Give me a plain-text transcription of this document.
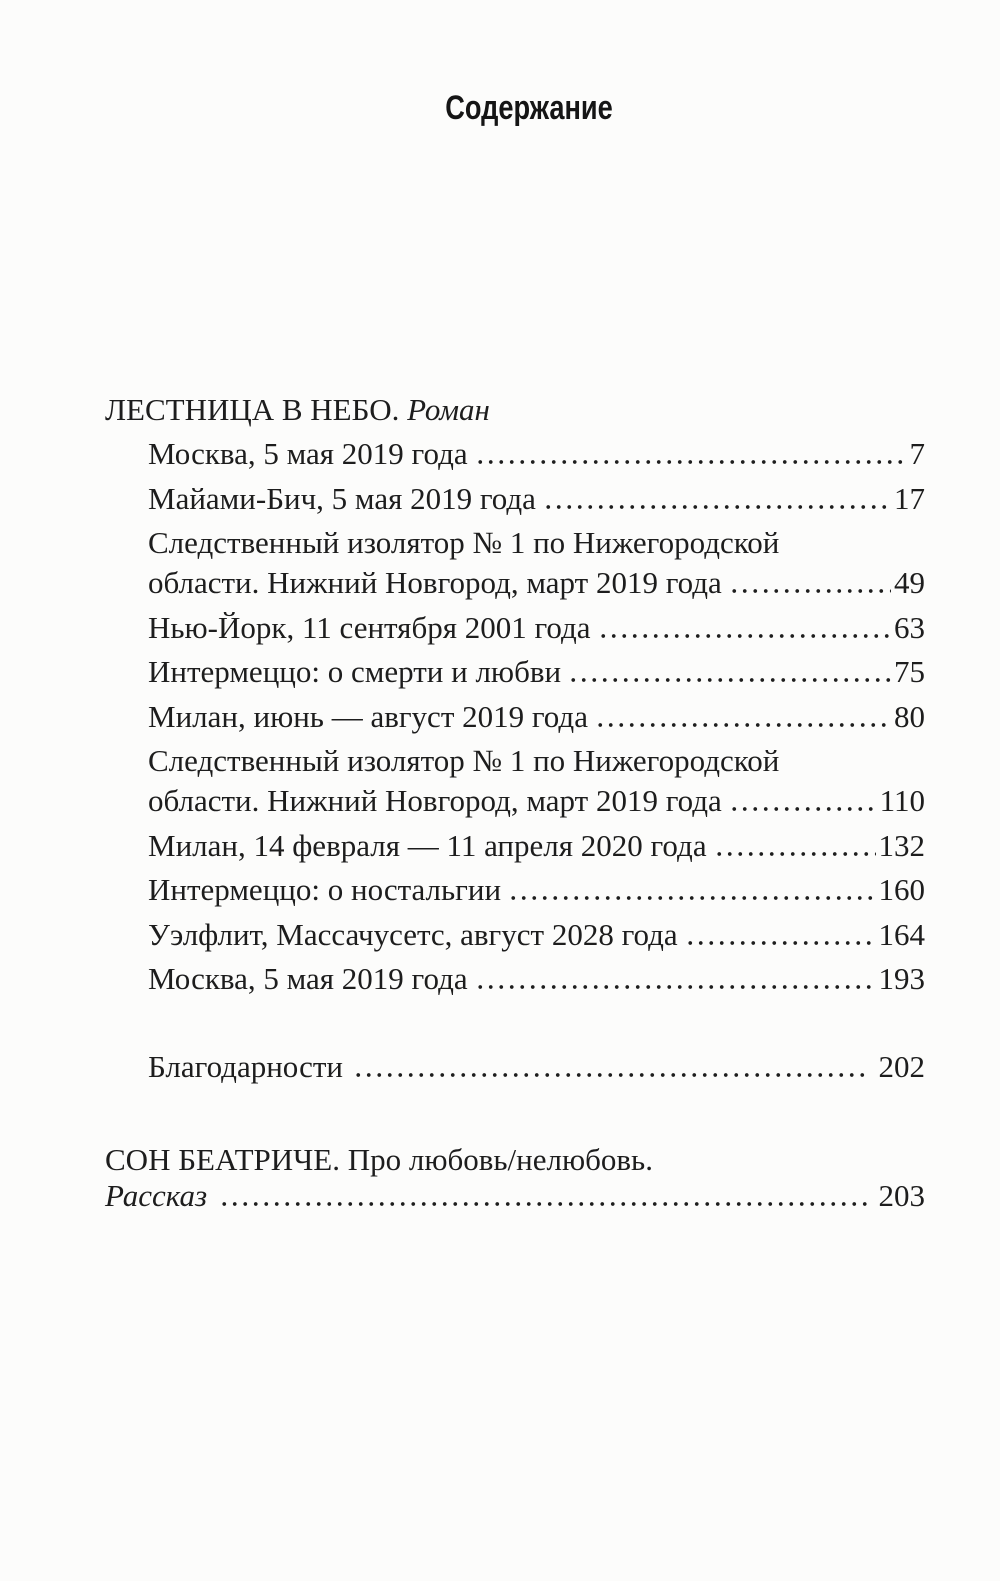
Содержание
ЛЕСТНИЦА В НЕБО. Роман
Москва, 5 мая 2019 года	7
Майами-Бич, 5 мая 2019 года	17
Следственный изолятор № 1 по Нижегородской
области. Нижний Новгород, март 2019 года	49
Нью-Йорк, 11 сентября 2001 года	63
Интермеццо: о смерти и любви	75
Милан, июнь — август 2019 года	80
Следственный изолятор № 1 по Нижегородской
области. Нижний Новгород, март 2019 года	110
Милан, 14 февраля — 11 апреля 2020 года	132
Интермеццо: о ностальгии	160
Уэлфлит, Массачусетс, август 2028 года	164
Москва, 5 мая 2019 года	193
Благодарности	202
СОН БЕАТРИЧЕ. Про любовь/нелюбовь.
Рассказ	203
